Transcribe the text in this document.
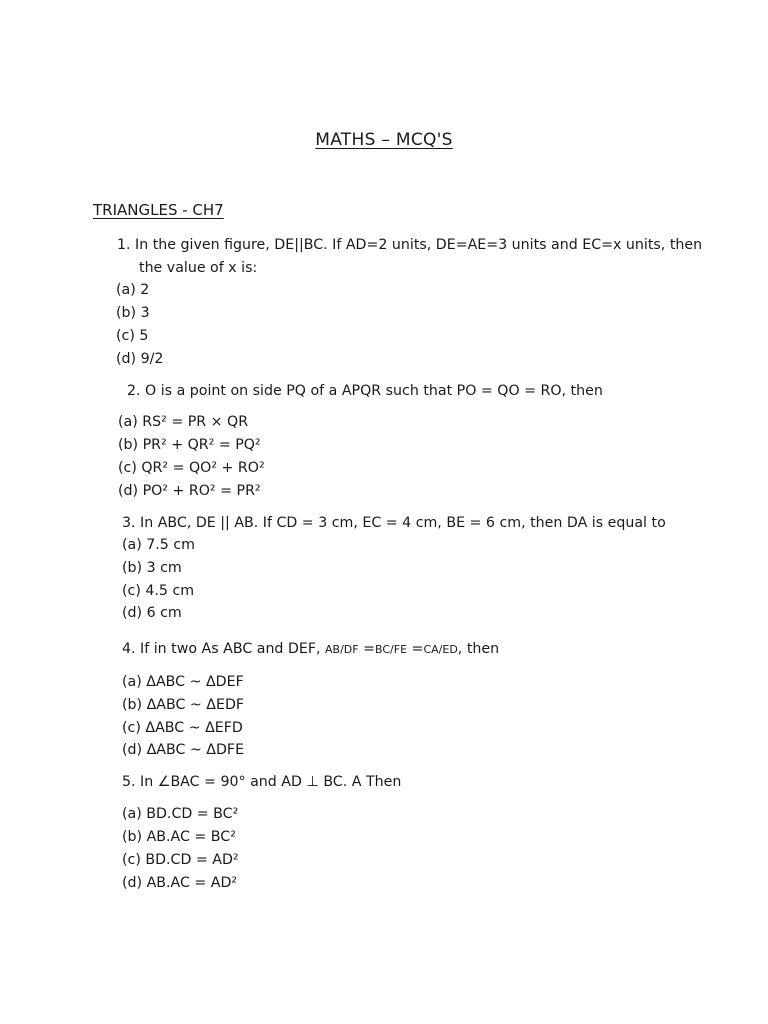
MATHS – MCQ'S
TRIANGLES - CH7
1. In the given figure, DE||BC. If AD=2 units, DE=AE=3 units and EC=x units, then
the value of x is:
(a) 2
(b) 3
(c) 5
(d) 9/2
2. O is a point on side PQ of a APQR such that PO = QO = RO, then
(a) RS² = PR × QR
(b) PR² + QR² = PQ²
(c) QR² = QO² + RO²
(d) PO² + RO² = PR²
3. In ABC, DE || AB. If CD = 3 cm, EC = 4 cm, BE = 6 cm, then DA is equal to
(a) 7.5 cm
(b) 3 cm
(c) 4.5 cm
(d) 6 cm
4. If in two As ABC and DEF, AB/DF =BC/FE =CA/ED, then
(a) ΔABC ~ ΔDEF
(b) ΔABC ~ ΔEDF
(c) ΔABC ~ ΔEFD
(d) ΔABC ~ ΔDFE
5. In ∠BAC = 90° and AD ⊥ BC. A Then
(a) BD.CD = BC²
(b) AB.AC = BC²
(c) BD.CD = AD²
(d) AB.AC = AD²
